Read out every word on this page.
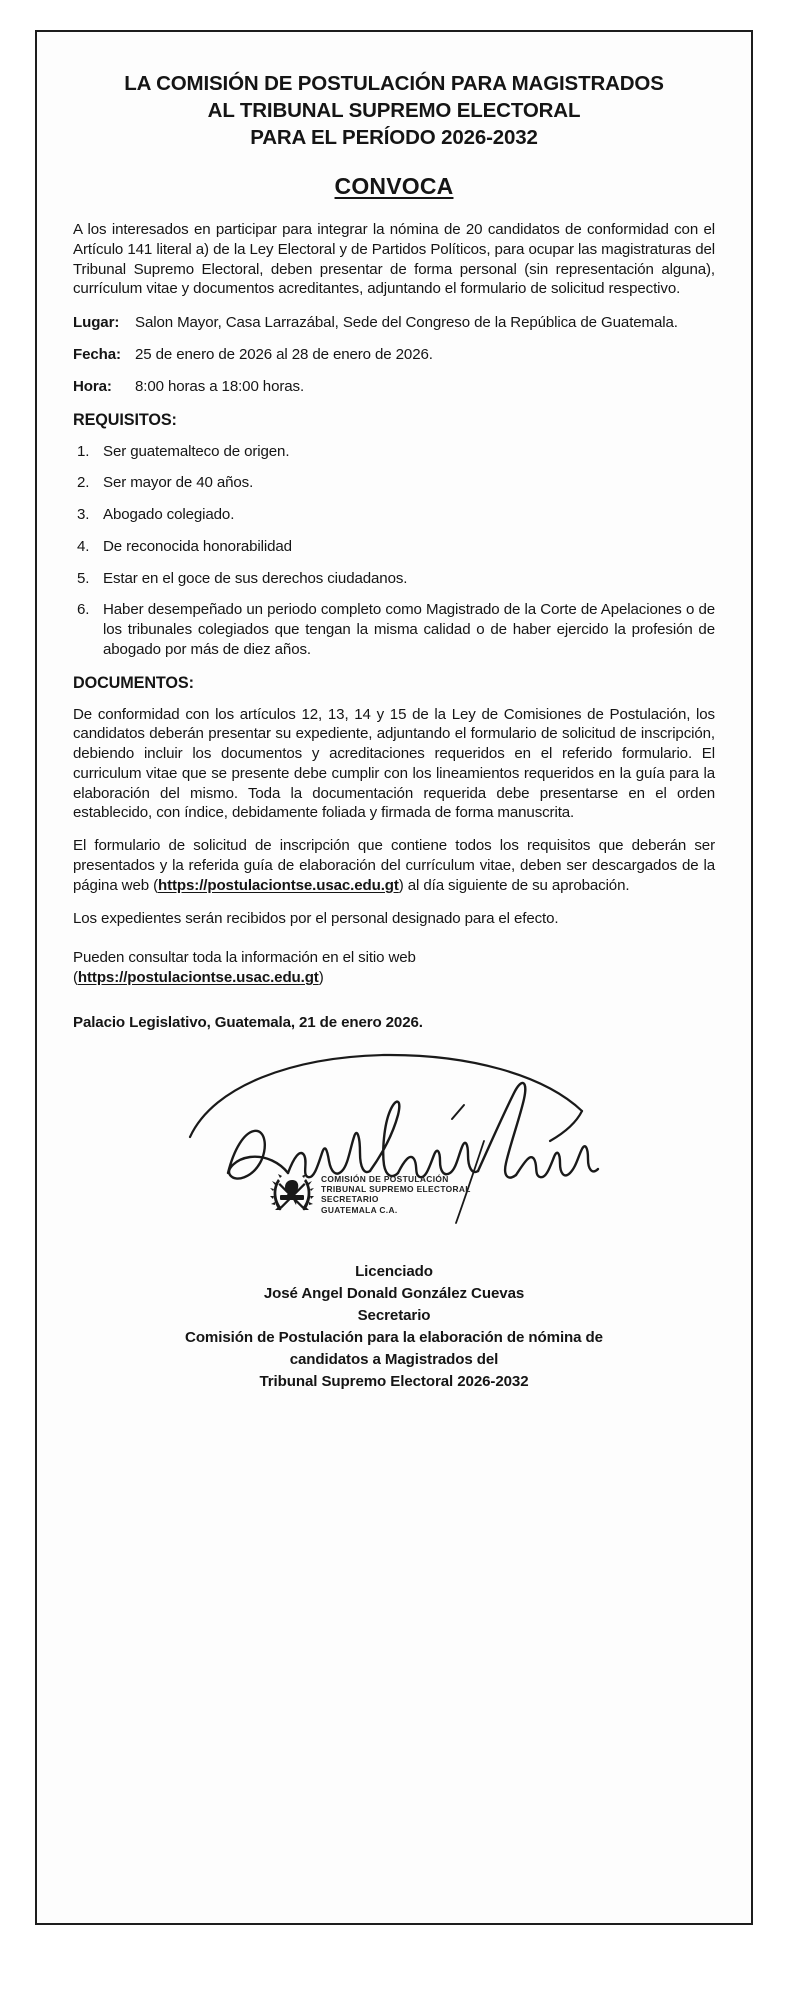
LA COMISIÓN DE POSTULACIÓN PARA MAGISTRADOS
AL TRIBUNAL SUPREMO ELECTORAL
PARA EL PERÍODO 2026-2032
CONVOCA

A los interesados en participar para integrar la nómina de 20 candidatos de conformidad con el Artículo 141 literal a) de la Ley Electoral y de Partidos Políticos, para ocupar las magistraturas del Tribunal Supremo Electoral, deben presentar de forma personal (sin representación alguna), currículum vitae y documentos acreditantes, adjuntando el formulario de solicitud respectivo.

Lugar:	Salon Mayor, Casa Larrazábal, Sede del Congreso de la República de Guatemala.
Fecha: 25 de enero de 2026 al 28 de enero de 2026.
Hora:	8:00 horas a 18:00 horas.
REQUISITOS:
1. Ser guatemalteco de origen.
2. Ser mayor de 40 años.
3. Abogado colegiado.
4. De reconocida honorabilidad
5. Estar en el goce de sus derechos ciudadanos.
6. Haber desempeñado un periodo completo como Magistrado de la Corte de Apelaciones o de los tribunales colegiados que tengan la misma calidad o de haber ejercido la profesión de abogado por más de diez años.
DOCUMENTOS:

De conformidad con los artículos 12, 13, 14 y 15 de la Ley de Comisiones de Postulación, los candidatos deberán presentar su expediente, adjuntando el formulario de solicitud de inscripción, debiendo incluir los documentos y acreditaciones requeridos en el referido formulario. El curriculum vitae que se presente debe cumplir con los lineamientos requeridos en la guía para la elaboración del mismo. Toda la documentación requerida debe presentarse en el orden establecido, con índice, debidamente foliada y firmada de forma manuscrita.

El formulario de solicitud de inscripción que contiene todos los requisitos que deberán ser presentados y la referida guía de elaboración del currículum vitae, deben ser descargados de la página web (https://postulaciontse.usac.edu.gt) al día siguiente de su aprobación.

Los expedientes serán recibidos por el personal designado para el efecto.

Pueden consultar toda la información en el sitio web
(https://postulaciontse.usac.edu.gt)

Palacio Legislativo, Guatemala, 21 de enero 2026.
COMISIÓN DE POSTULACIÓN
TRIBUNAL SUPREMO ELECTORAL
SECRETARIO
GUATEMALA C.A.
Licenciado
José Angel Donald González Cuevas
Secretario
Comisión de Postulación para la elaboración de nómina de
candidatos a Magistrados del
Tribunal Supremo Electoral 2026-2032
